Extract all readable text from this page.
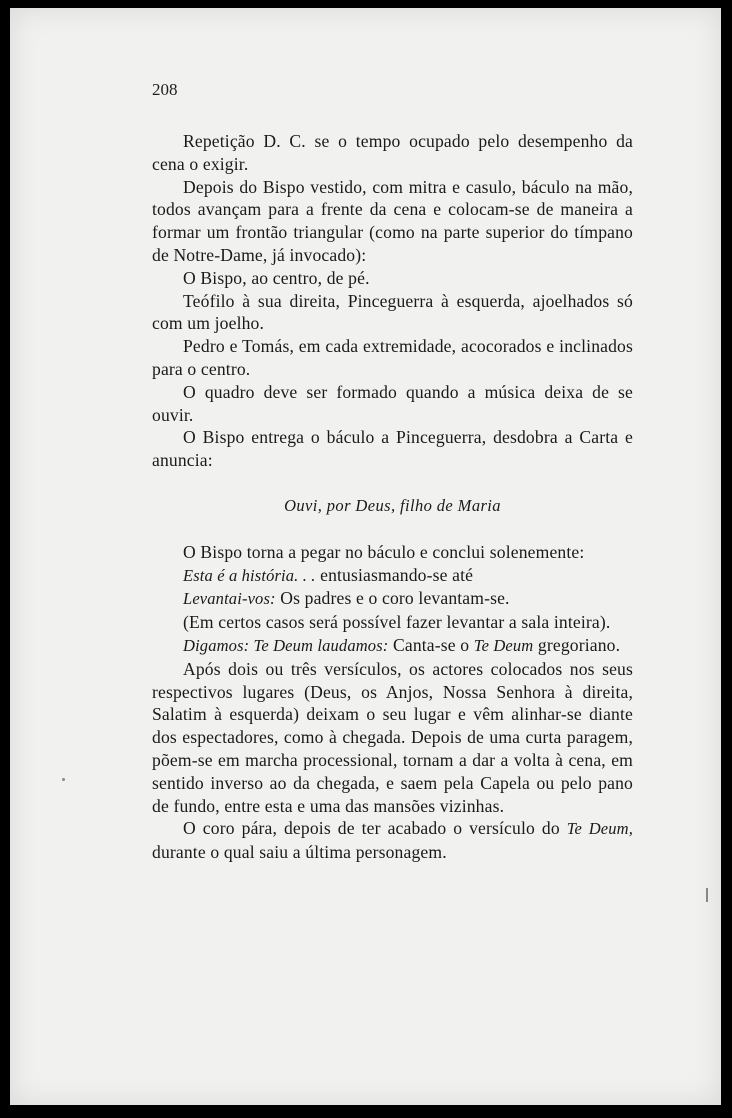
208

Repetição D. C. se o tempo ocupado pelo desempenho da cena o exigir.

Depois do Bispo vestido, com mitra e casulo, báculo na mão, todos avançam para a frente da cena e colocam-se de maneira a formar um frontão triangular (como na parte superior do tímpano de Notre-Dame, já invocado):

O Bispo, ao centro, de pé.

Teófilo à sua direita, Pinceguerra à esquerda, ajoelhados só com um joelho.

Pedro e Tomás, em cada extremidade, acocorados e inclinados para o centro.

O quadro deve ser formado quando a música deixa de se ouvir.

O Bispo entrega o báculo a Pinceguerra, desdobra a Carta e anuncia:

Ouvi, por Deus, filho de Maria

O Bispo torna a pegar no báculo e conclui solenemente:

Esta é a história. . . entusiasmando-se até

Levantai-vos: Os padres e o coro levantam-se.

(Em certos casos será possível fazer levantar a sala inteira).

Digamos: Te Deum laudamos: Canta-se o Te Deum gregoriano.

Após dois ou três versículos, os actores colocados nos seus respectivos lugares (Deus, os Anjos, Nossa Senhora à direita, Salatim à esquerda) deixam o seu lugar e vêm alinhar-se diante dos espectadores, como à chegada. Depois de uma curta paragem, põem-se em marcha processional, tornam a dar a volta à cena, em sentido inverso ao da chegada, e saem pela Capela ou pelo pano de fundo, entre esta e uma das mansões vizinhas.

O coro pára, depois de ter acabado o versículo do Te Deum, durante o qual saiu a última personagem.
